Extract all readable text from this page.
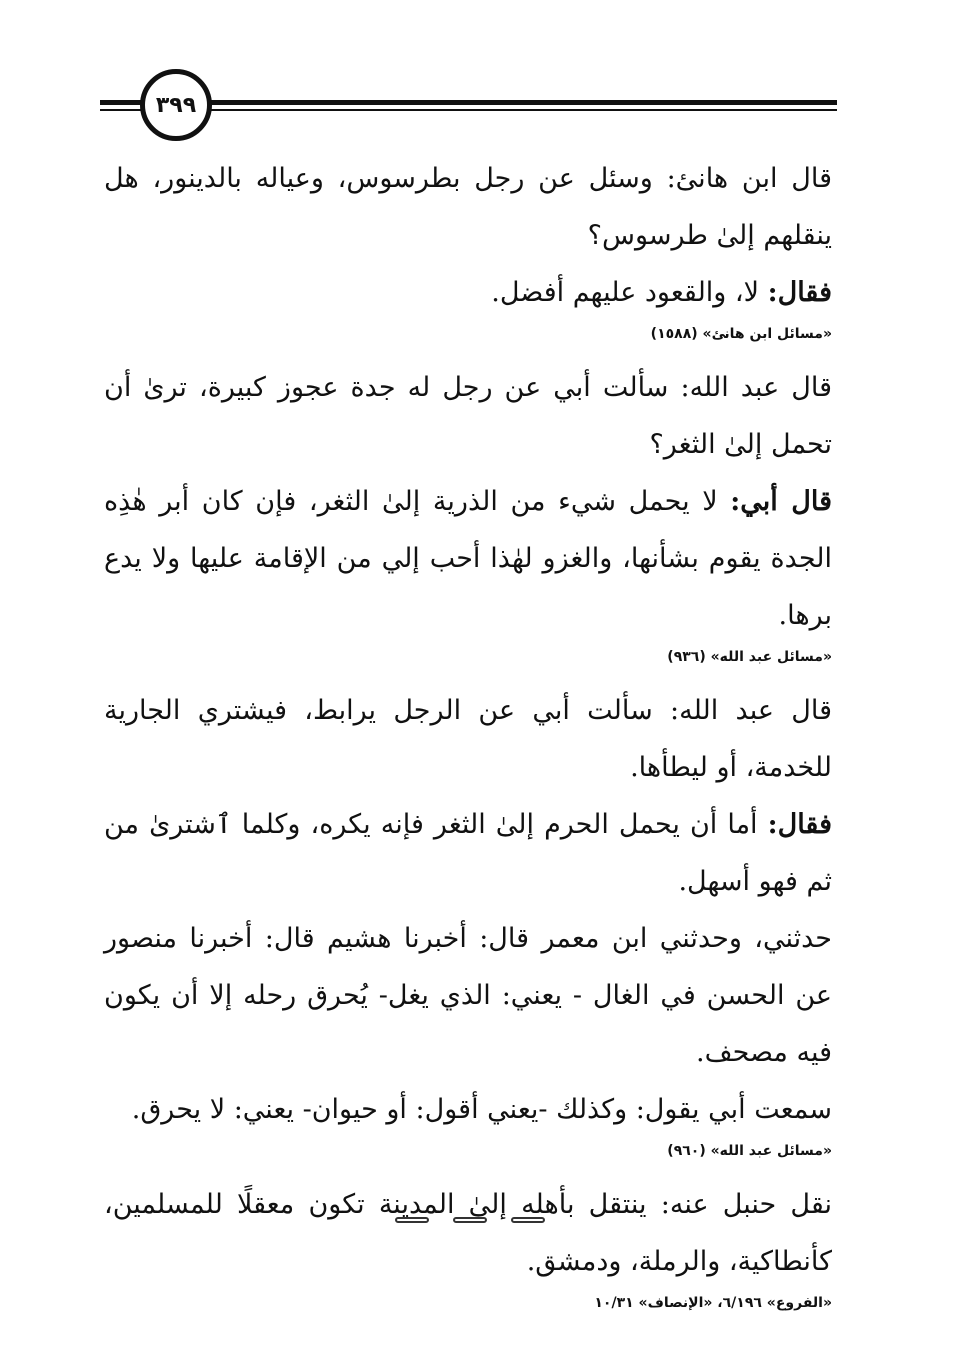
٣٩٩

قال ابن هانئ: وسئل عن رجل بطرسوس، وعياله بالدينور، هل ينقلهم إلىٰ طرسوس؟

فقال: لا، والقعود عليهم أفضل.

«مسائل ابن هانئ» (١٥٨٨)

قال عبد الله: سألت أبي عن رجل له جدة عجوز كبيرة، ترىٰ أن تحمل إلىٰ الثغر؟

قال أبي: لا يحمل شيء من الذرية إلىٰ الثغر، فإن كان أبر هٰذِه الجدة يقوم بشأنها، والغزو لهٰذا أحب إلي من الإقامة عليها ولا يدع برها.

«مسائل عبد الله» (٩٣٦)

قال عبد الله: سألت أبي عن الرجل يرابط، فيشتري الجارية للخدمة، أو ليطأها.

فقال: أما أن يحمل الحرم إلىٰ الثغر فإنه يكره، وكلما ٱشترىٰ من ثم فهو أسهل.

حدثني، وحدثني ابن معمر قال: أخبرنا هشيم قال: أخبرنا منصور عن الحسن في الغال - يعني: الذي يغل- يُحرق رحله إلا أن يكون فيه مصحف.

سمعت أبي يقول: وكذلك -يعني أقول: أو حيوان- يعني: لا يحرق.

«مسائل عبد الله» (٩٦٠)

نقل حنبل عنه: ينتقل بأهله إلىٰ المدينة تكون معقلًا للمسلمين، كأنطاكية، والرملة، ودمشق.

«الفروع» ٦/١٩٦، «الإنصاف» ١٠/٣١
